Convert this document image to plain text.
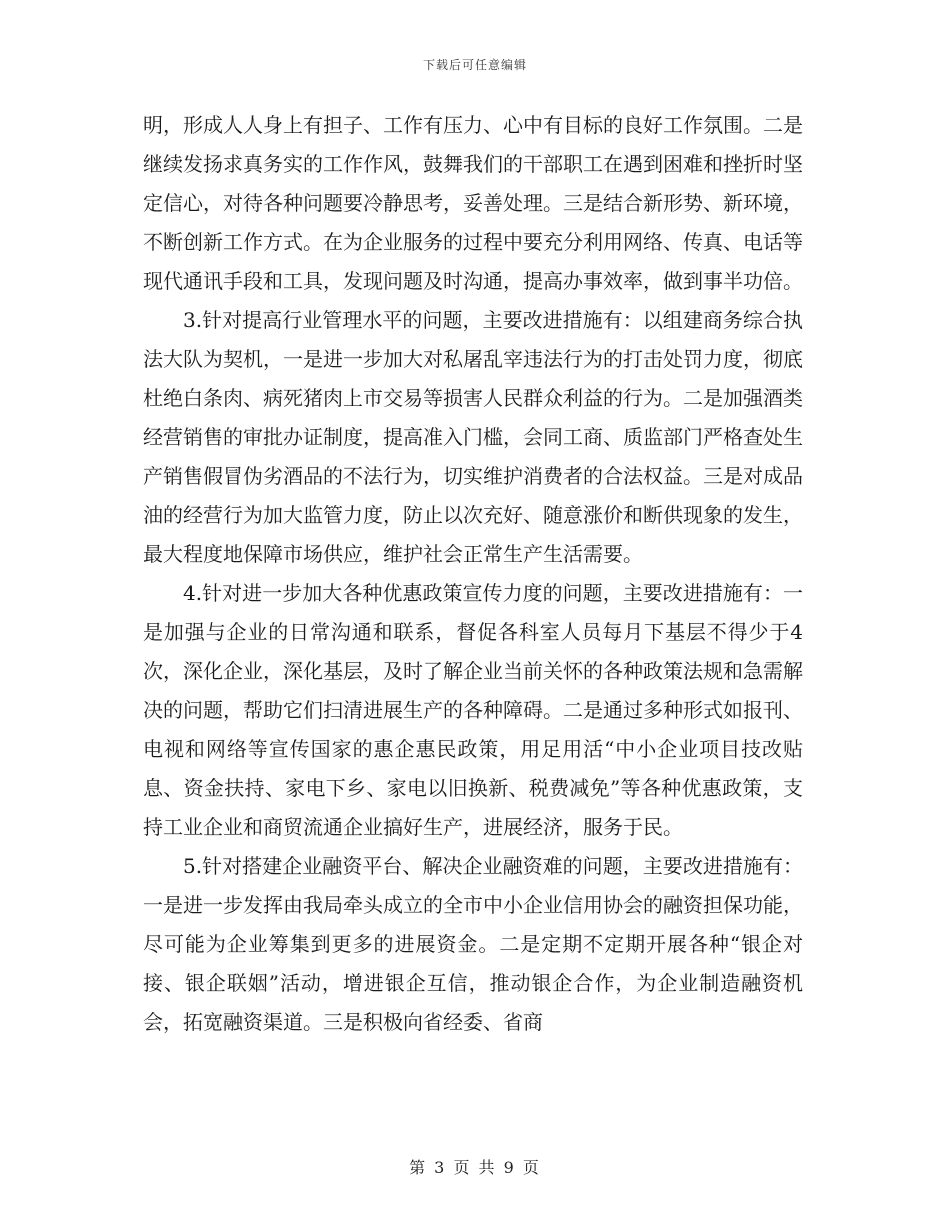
下载后可任意编辑

明，形成人人身上有担子、工作有压力、心中有目标的良好工作氛围。二是继续发扬求真务实的工作作风，鼓舞我们的干部职工在遇到困难和挫折时坚定信心，对待各种问题要冷静思考，妥善处理。三是结合新形势、新环境，不断创新工作方式。在为企业服务的过程中要充分利用网络、传真、电话等现代通讯手段和工具，发现问题及时沟通，提高办事效率，做到事半功倍。

3.针对提高行业管理水平的问题，主要改进措施有：以组建商务综合执法大队为契机，一是进一步加大对私屠乱宰违法行为的打击处罚力度，彻底杜绝白条肉、病死猪肉上市交易等损害人民群众利益的行为。二是加强酒类经营销售的审批办证制度，提高准入门槛，会同工商、质监部门严格查处生产销售假冒伪劣酒品的不法行为，切实维护消费者的合法权益。三是对成品油的经营行为加大监管力度，防止以次充好、随意涨价和断供现象的发生，最大程度地保障市场供应，维护社会正常生产生活需要。

4.针对进一步加大各种优惠政策宣传力度的问题，主要改进措施有：一是加强与企业的日常沟通和联系，督促各科室人员每月下基层不得少于4次，深化企业，深化基层，及时了解企业当前关怀的各种政策法规和急需解决的问题，帮助它们扫清进展生产的各种障碍。二是通过多种形式如报刊、电视和网络等宣传国家的惠企惠民政策，用足用活“中小企业项目技改贴息、资金扶持、家电下乡、家电以旧换新、税费减免”等各种优惠政策，支持工业企业和商贸流通企业搞好生产，进展经济，服务于民。

5.针对搭建企业融资平台、解决企业融资难的问题，主要改进措施有：一是进一步发挥由我局牵头成立的全市中小企业信用协会的融资担保功能，尽可能为企业筹集到更多的进展资金。二是定期不定期开展各种“银企对接、银企联姻”活动，增进银企互信，推动银企合作，为企业制造融资机会，拓宽融资渠道。三是积极向省经委、省商

第 3 页 共 9 页
